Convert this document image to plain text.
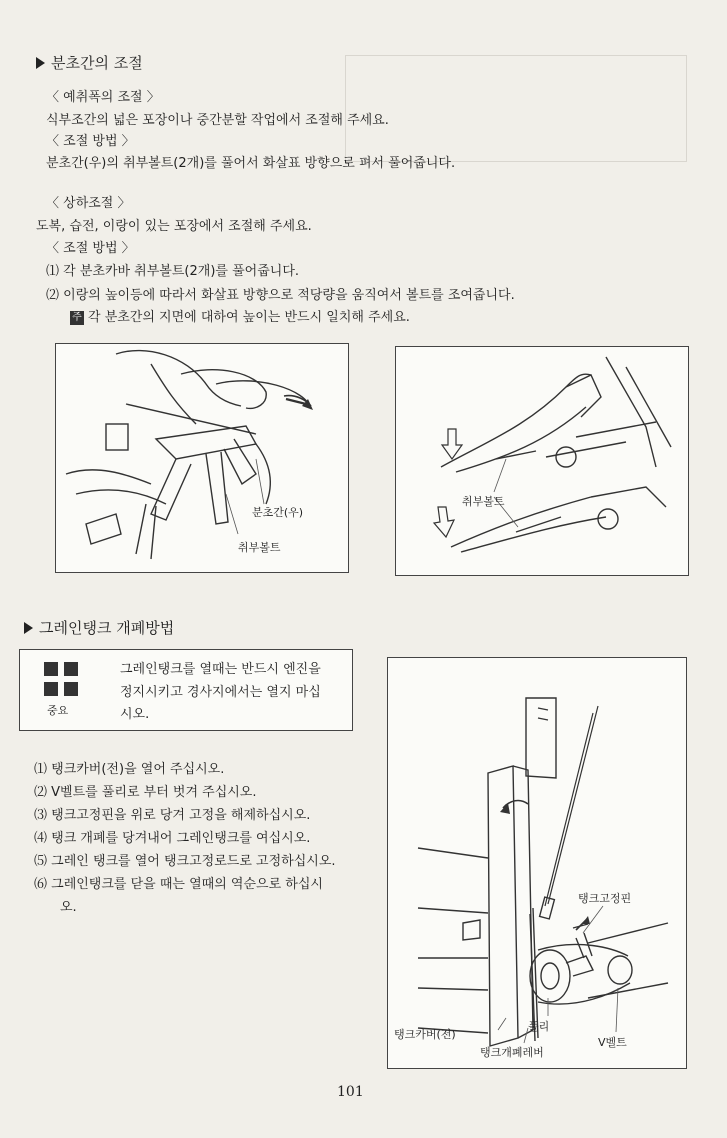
분초간의 조절
〈 예취폭의 조절 〉
식부조간의 넓은 포장이나 중간분할 작업에서 조절해 주세요.
〈 조절 방법 〉
분초간(우)의 취부볼트(2개)를 풀어서 화살표 방향으로 펴서 풀어줍니다.
〈 상하조절 〉
도복, 습전, 이랑이 있는 포장에서 조절해 주세요.
〈 조절 방법 〉
⑴ 각 분초카바 취부볼트(2개)를 풀어줍니다.
⑵ 이랑의 높이등에 따라서 화살표 방향으로 적당량을 움직여서 볼트를 조여줍니다.
주 각 분초간의 지면에 대하여 높이는 반드시 일치해 주세요.
분초간(우)
취부볼트
취부볼트
그레인탱크 개폐방법
중요
그레인탱크를 열때는 반드시 엔진을
정지시키고 경사지에서는 열지 마십
시오.
⑴ 탱크카버(전)을 열어 주십시오.
⑵ V벨트를 풀리로 부터 벗겨 주십시오.
⑶ 탱크고정핀을 위로 당겨 고정을 해제하십시오.
⑷ 탱크 개폐를 당겨내어 그레인탱크를 여십시오.
⑸ 그레인 탱크를 열어 탱크고정로드로 고정하십시오.
⑹ 그레인탱크를 닫을 때는 열때의 역순으로 하십시
오.
탱크고정핀
풀리
탱크카버(전)
V벨트
탱크개폐레버
101
